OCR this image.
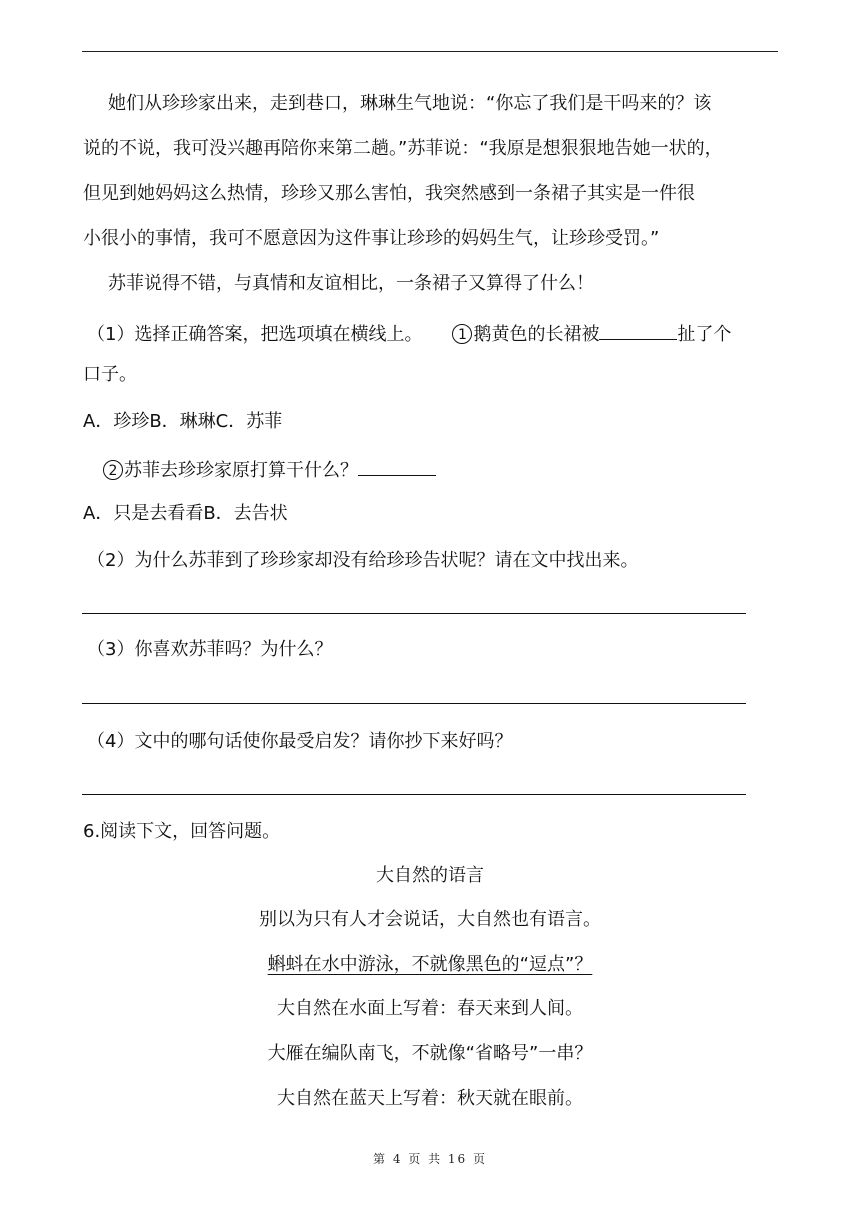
她们从珍珍家出来，走到巷口，琳琳生气地说：“你忘了我们是干吗来的？该
说的不说，我可没兴趣再陪你来第二趟。”苏菲说：“我原是想狠狠地告她一状的，
但见到她妈妈这么热情，珍珍又那么害怕，我突然感到一条裙子其实是一件很
小很小的事情，我可不愿意因为这件事让珍珍的妈妈生气，让珍珍受罚。”
苏菲说得不错，与真情和友谊相比，一条裙子又算得了什么！
（1）选择正确答案，把选项填在横线上。	1 鹅黄色的长裙被	扯了个
口子。
A．珍珍B．琳琳C．苏菲
2 苏菲去珍珍家原打算干什么？
A．只是去看看B．去告状
（2）为什么苏菲到了珍珍家却没有给珍珍告状呢？请在文中找出来。
（3）你喜欢苏菲吗？为什么？
（4）文中的哪句话使你最受启发？请你抄下来好吗？
6.阅读下文，回答问题。
大自然的语言
别以为只有人才会说话，大自然也有语言。
蝌蚪在水中游泳，不就像黑色的“逗点”？
大自然在水面上写着：春天来到人间。
大雁在编队南飞，不就像“省略号”一串？
大自然在蓝天上写着：秋天就在眼前。
第 4 页 共 16 页
